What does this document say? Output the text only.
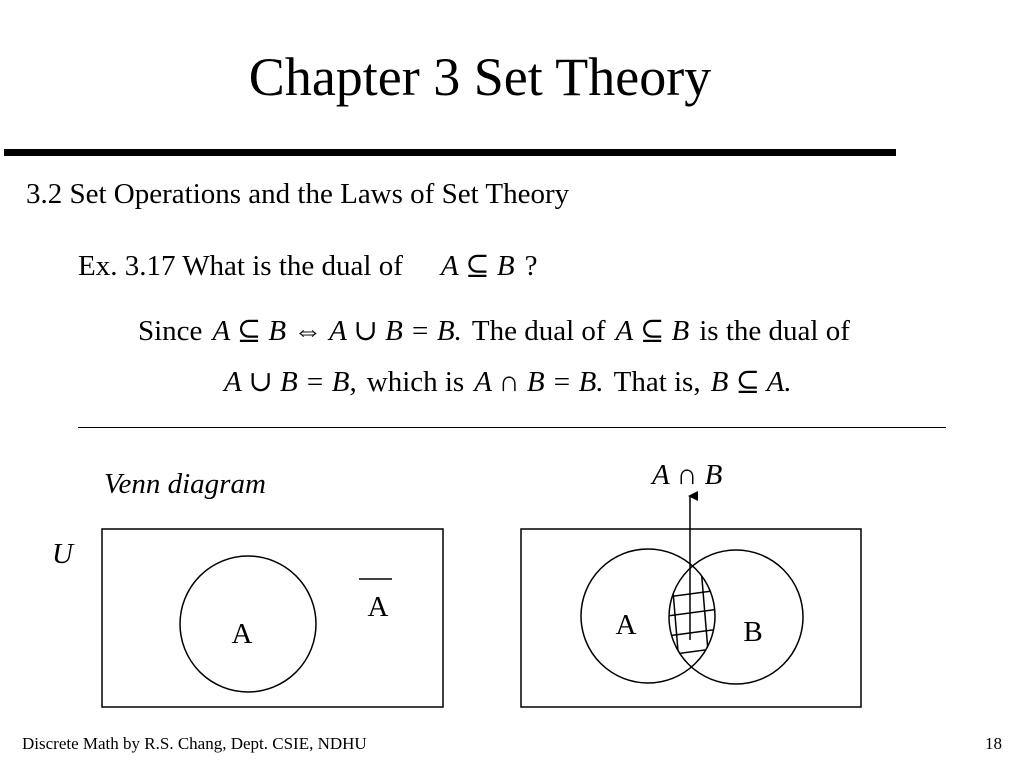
Chapter 3 Set Theory
3.2 Set Operations and the Laws of Set Theory
Ex. 3.17 What is the dual of A ⊆ B ?
Since A ⊆ B ⇔ A ∪ B = B. The dual of A ⊆ B is the dual of
A ∪ B = B, which is A ∩ B = B. That is, B ⊆ A.
Venn diagram	A ∩ B
U
A
A
A	B
Discrete Math by R.S. Chang, Dept. CSIE, NDHU	18
